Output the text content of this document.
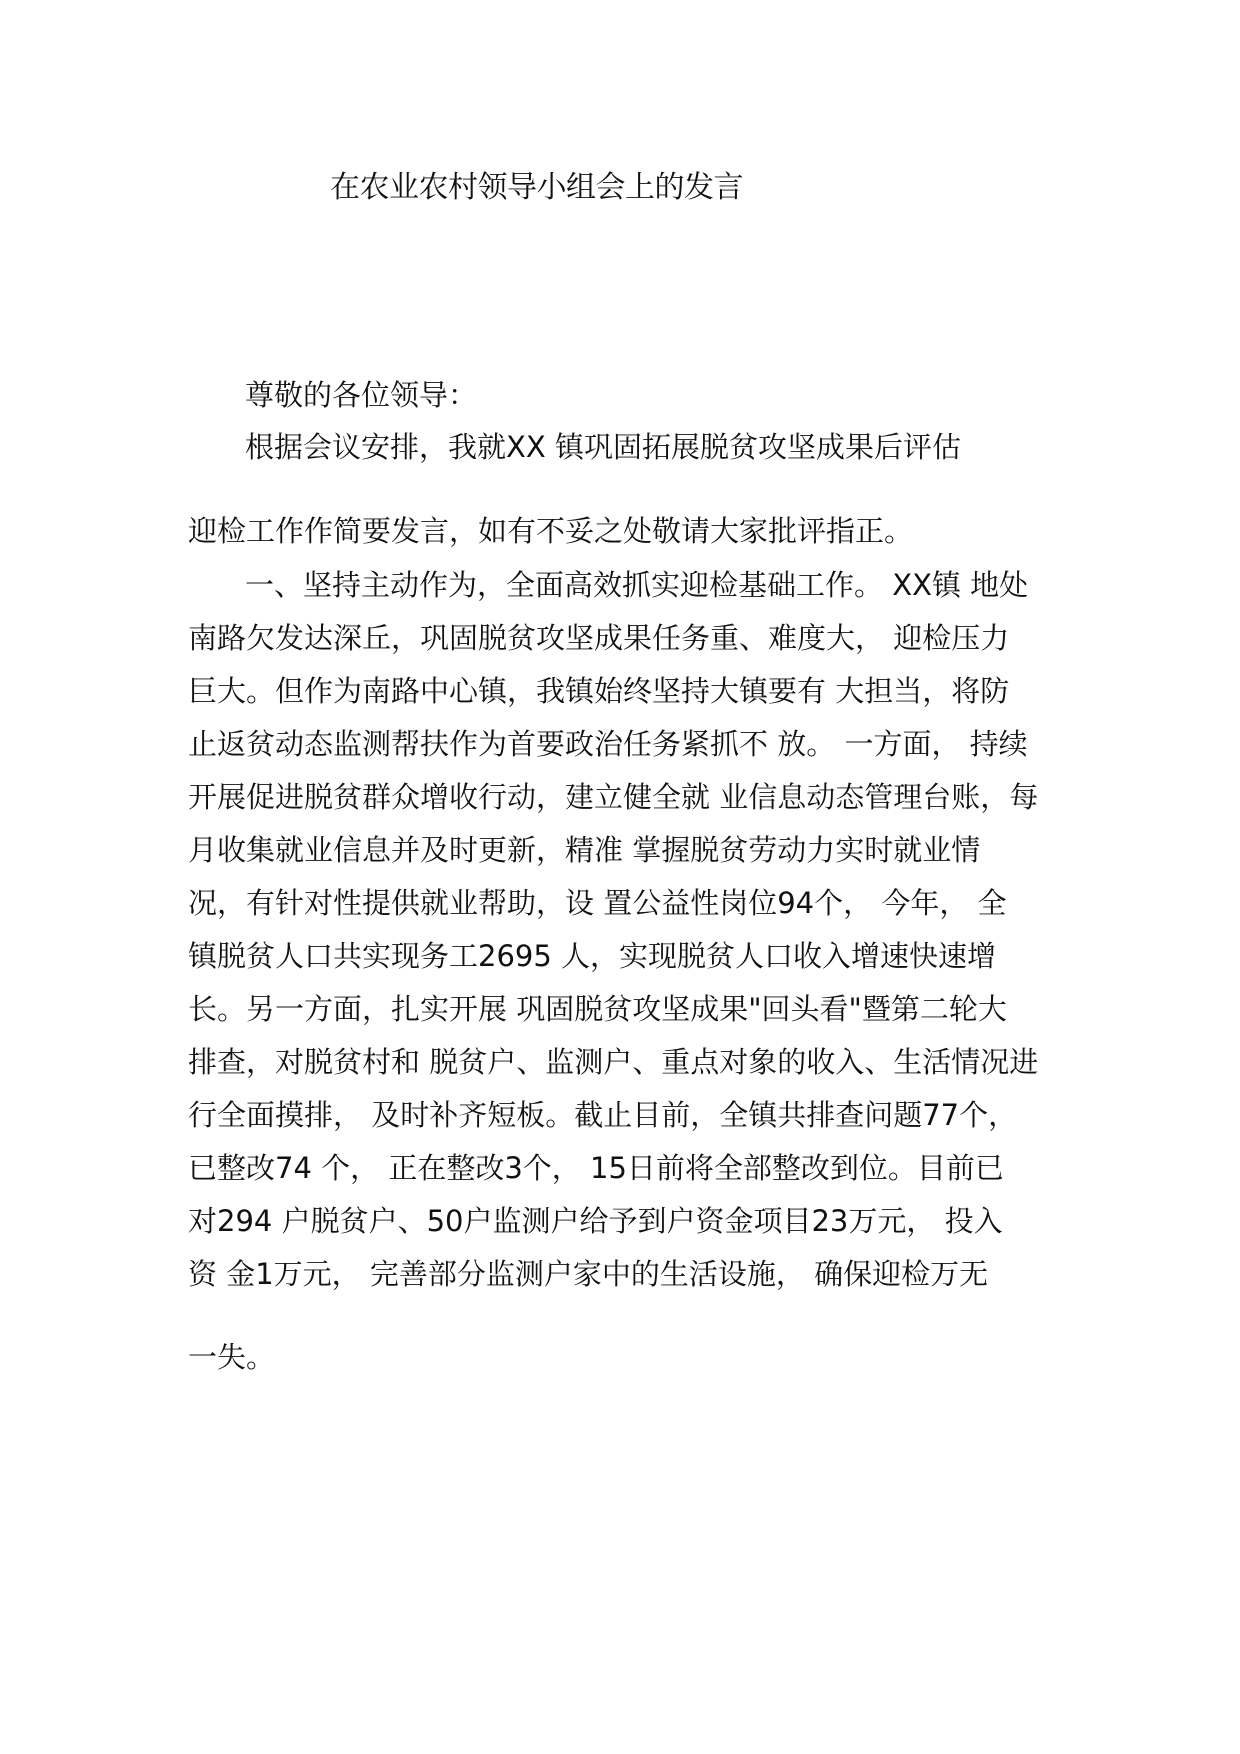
在农业农村领导小组会上的发言
尊敬的各位领导：
根据会议安排，我就XX 镇巩固拓展脱贫攻坚成果后评估
迎检工作作简要发言，如有不妥之处敬请大家批评指正。
一、坚持主动作为，全面高效抓实迎检基础工作。 XX镇 地处
南路欠发达深丘，巩固脱贫攻坚成果任务重、难度大， 迎检压力
巨大。但作为南路中心镇，我镇始终坚持大镇要有 大担当，将防
止返贫动态监测帮扶作为首要政治任务紧抓不 放。 一方面， 持续
开展促进脱贫群众增收行动，建立健全就 业信息动态管理台账，每
月收集就业信息并及时更新，精准 掌握脱贫劳动力实时就业情
况，有针对性提供就业帮助，设 置公益性岗位94个， 今年， 全
镇脱贫人口共实现务工2695 人，实现脱贫人口收入增速快速增
长。另一方面，扎实开展 巩固脱贫攻坚成果"回头看"暨第二轮大
排查，对脱贫村和 脱贫户、监测户、重点对象的收入、生活情况进
行全面摸排， 及时补齐短板。截止目前，全镇共排查问题77个，
已整改74 个， 正在整改3个， 15日前将全部整改到位。目前已
对294 户脱贫户、50户监测户给予到户资金项目23万元， 投入
资 金1万元， 完善部分监测户家中的生活设施， 确保迎检万无
一失。
